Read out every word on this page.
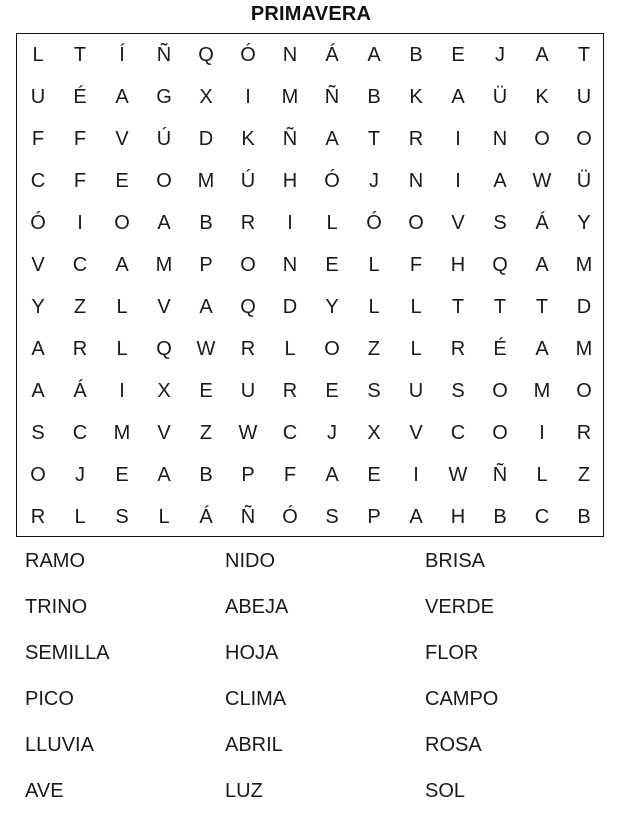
PRIMAVERA
L	T	Í	Ñ	Q	Ó	N	Á	A	B	E	J	A	T
U	É	A	G	X	I	M	Ñ	B	K	A	Ü	K	U
F	F	V	Ú	D	K	Ñ	A	T	R	I	N	O	O
C	F	E	O	M	Ú	H	Ó	J	N	I	A	W	Ü
Ó	I	O	A	B	R	I	L	Ó	O	V	S	Á	Y
V	C	A	M	P	O	N	E	L	F	H	Q	A	M
Y	Z	L	V	A	Q	D	Y	L	L	T	T	T	D
A	R	L	Q	W	R	L	O	Z	L	R	É	A	M
A	Á	I	X	E	U	R	E	S	U	S	O	M	O
S	C	M	V	Z	W	C	J	X	V	C	O	I	R
O	J	E	A	B	P	F	A	E	I	W	Ñ	L	Z
R	L	S	L	Á	Ñ	Ó	S	P	A	H	B	C	B
RAMO	NIDO	BRISA
TRINO	ABEJA	VERDE
SEMILLA	HOJA	FLOR
PICO	CLIMA	CAMPO
LLUVIA	ABRIL	ROSA
AVE	LUZ	SOL
